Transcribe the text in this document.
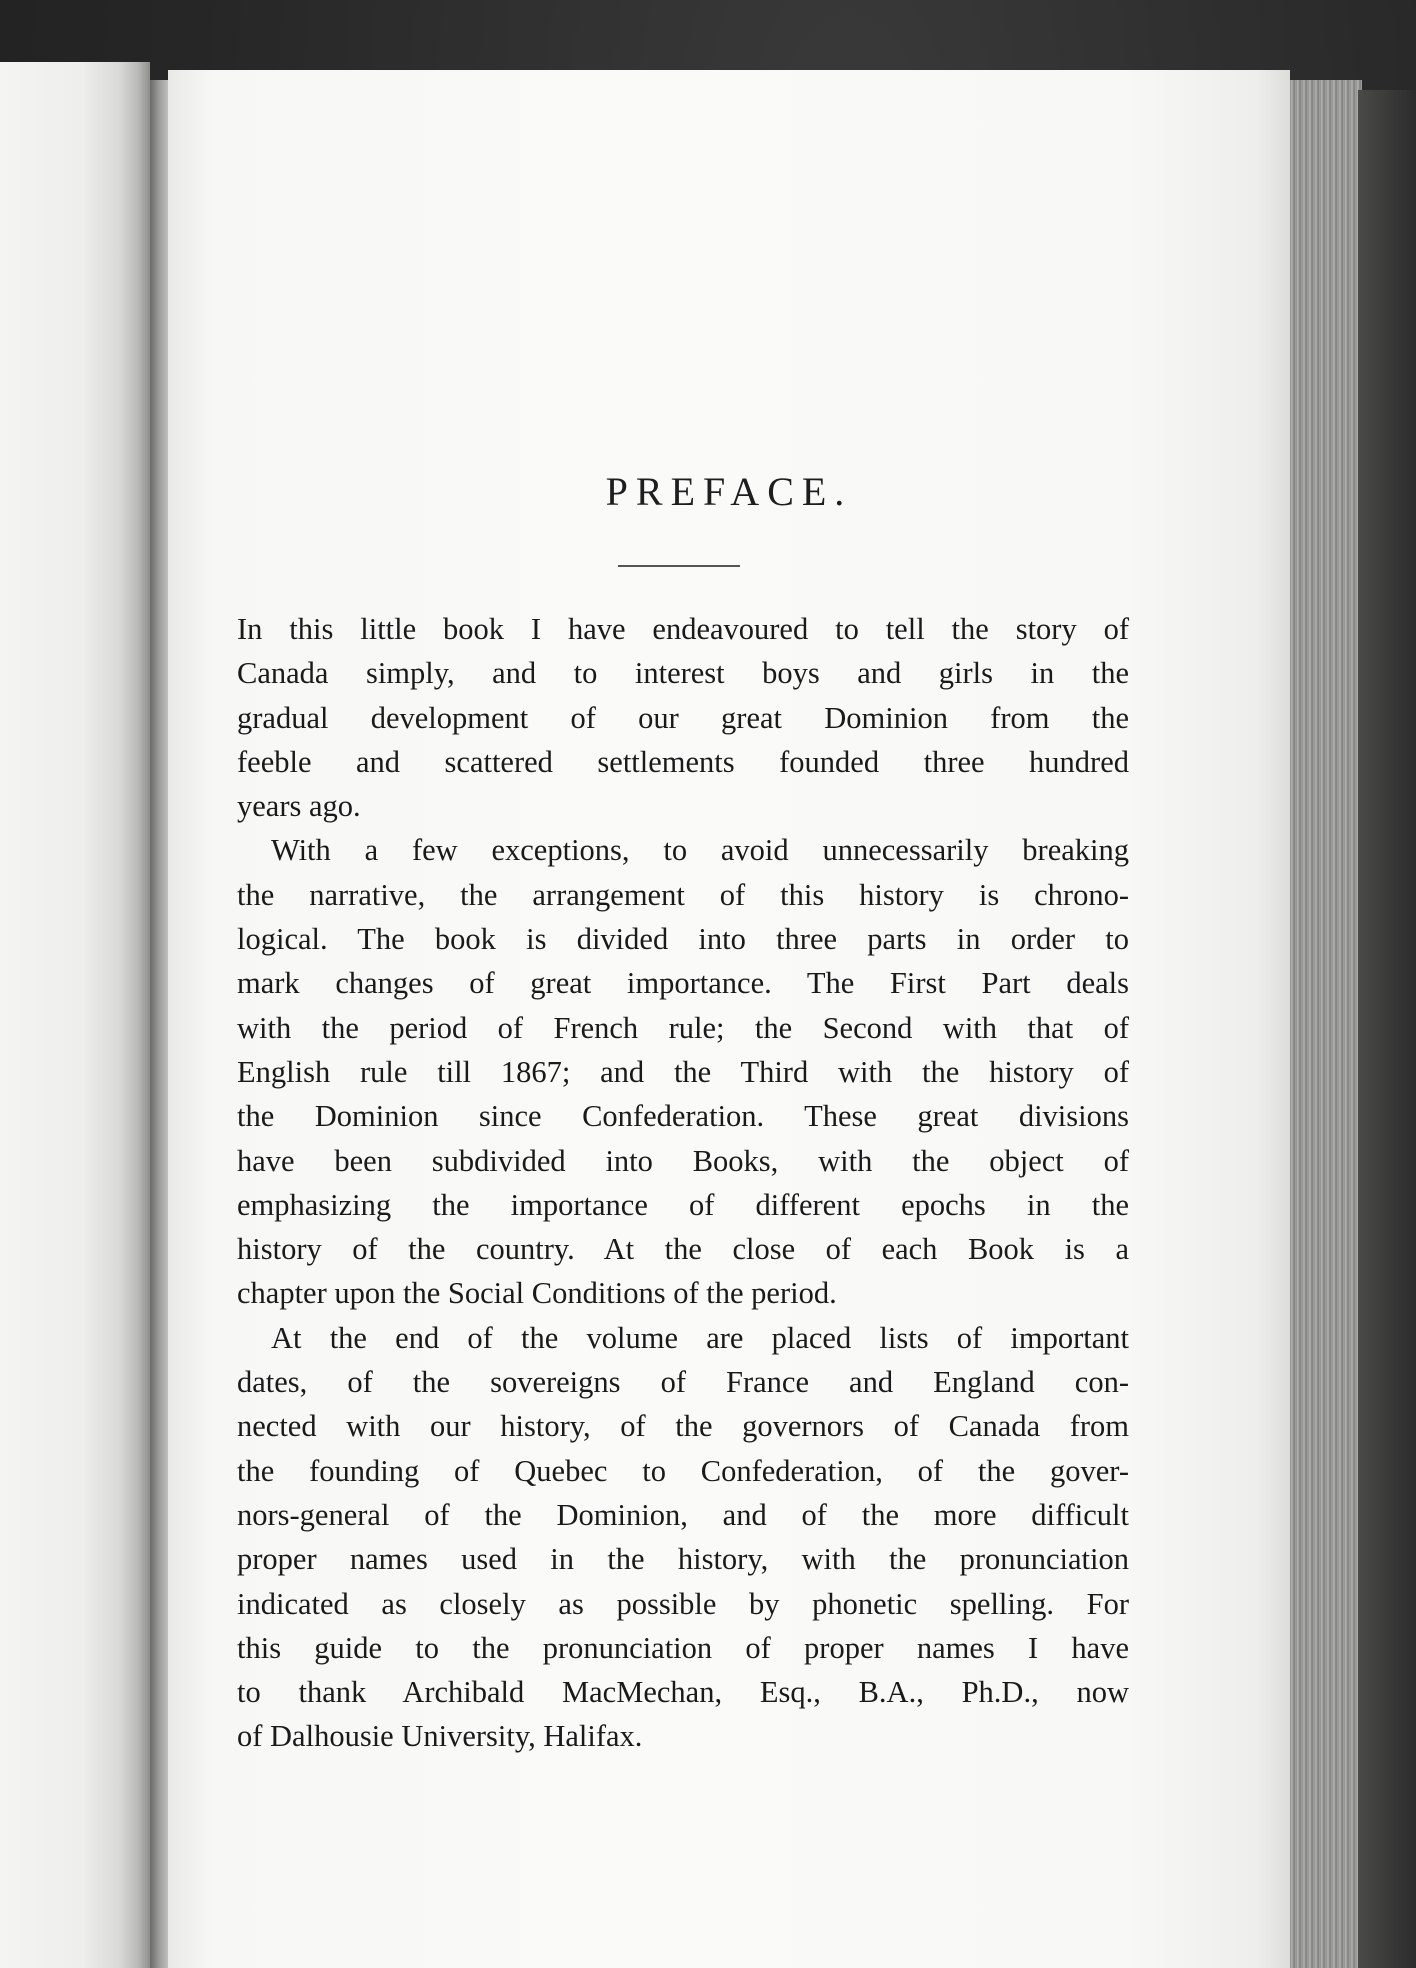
PREFACE.

In this little book I have endeavoured to tell the story of
Canada simply, and to interest boys and girls in the
gradual development of our great Dominion from the
feeble and scattered settlements founded three hundred
years ago.

With a few exceptions, to avoid unnecessarily breaking
the narrative, the arrangement of this history is chrono-
logical. The book is divided into three parts in order to
mark changes of great importance. The First Part deals
with the period of French rule; the Second with that of
English rule till 1867; and the Third with the history of
the Dominion since Confederation. These great divisions
have been subdivided into Books, with the object of
emphasizing the importance of different epochs in the
history of the country. At the close of each Book is a
chapter upon the Social Conditions of the period.

At the end of the volume are placed lists of important
dates, of the sovereigns of France and England con-
nected with our history, of the governors of Canada from
the founding of Quebec to Confederation, of the gover-
nors-general of the Dominion, and of the more difficult
proper names used in the history, with the pronunciation
indicated as closely as possible by phonetic spelling. For
this guide to the pronunciation of proper names I have
to thank Archibald MacMechan, Esq., B.A., Ph.D., now
of Dalhousie University, Halifax.
